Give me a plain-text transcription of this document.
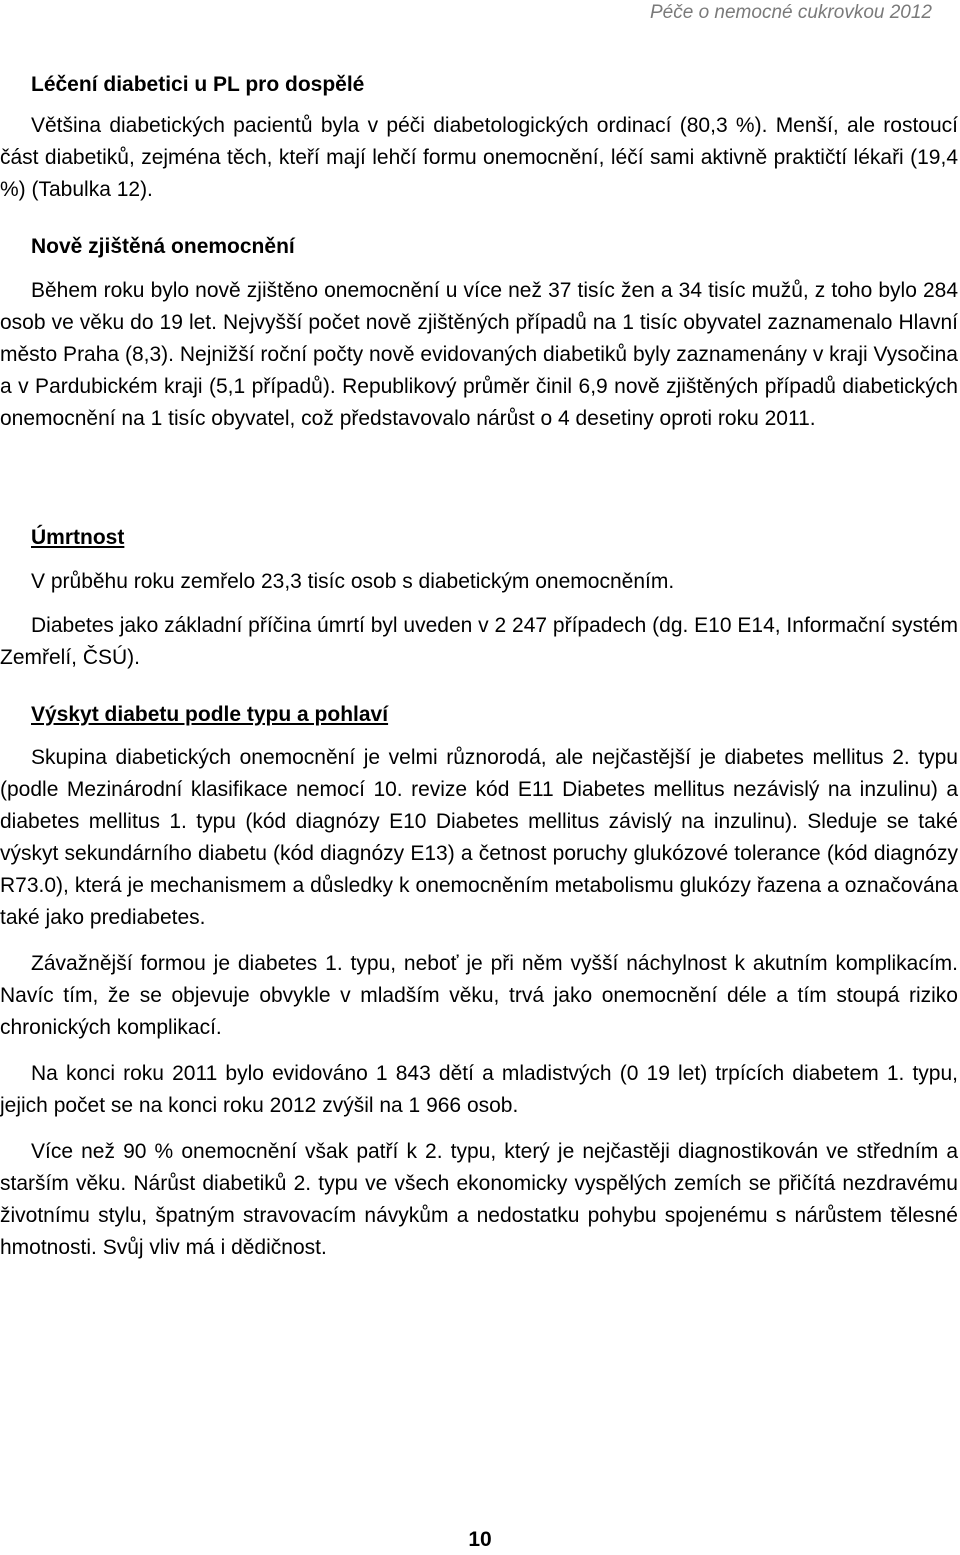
Péče o nemocné cukrovkou 2012
Léčení diabetici u PL pro dospělé

Většina diabetických pacientů byla v péči diabetologických ordinací (80,3 %). Menší, ale rostoucí část diabetiků, zejména těch, kteří mají lehčí formu onemocnění, léčí sami aktivně praktičtí lékaři (19,4 %) (Tabulka 12).

Nově zjištěná onemocnění

Během roku bylo nově zjištěno onemocnění u více než 37 tisíc žen a 34 tisíc mužů, z toho bylo 284 osob ve věku do 19 let. Nejvyšší počet nově zjištěných případů na 1 tisíc obyvatel zaznamenalo Hlavní město Praha (8,3). Nejnižší roční počty nově evidovaných diabetiků byly zaznamenány v kraji Vysočina a v Pardubickém kraji (5,1 případů). Republikový průměr činil 6,9 nově zjištěných případů diabetických onemocnění na 1 tisíc obyvatel, což představovalo nárůst o 4 desetiny oproti roku 2011.

Úmrtnost

V průběhu roku zemřelo 23,3 tisíc osob s diabetickým onemocněním.

Diabetes jako základní příčina úmrtí byl uveden v 2 247 případech (dg. E10 E14, Informační systém Zemřelí, ČSÚ).

Výskyt diabetu podle typu a pohlaví

Skupina diabetických onemocnění je velmi různorodá, ale nejčastější je diabetes mellitus 2. typu (podle Mezinárodní klasifikace nemocí 10. revize kód E11 Diabetes mellitus nezávislý na inzulinu) a diabetes mellitus 1. typu (kód diagnózy E10 Diabetes mellitus závislý na inzulinu). Sleduje se také výskyt sekundárního diabetu (kód diagnózy E13) a četnost poruchy glukózové tolerance (kód diagnózy R73.0), která je mechanismem a důsledky k onemocněním metabolismu glukózy řazena a označována také jako prediabetes.

Závažnější formou je diabetes 1. typu, neboť je při něm vyšší náchylnost k akutním komplikacím. Navíc tím, že se objevuje obvykle v mladším věku, trvá jako onemocnění déle a tím stoupá riziko chronických komplikací.

Na konci roku 2011 bylo evidováno 1 843 dětí a mladistvých (0 19 let) trpících diabetem 1. typu, jejich počet se na konci roku 2012 zvýšil na 1 966 osob.

Více než 90 % onemocnění však patří k 2. typu, který je nejčastěji diagnostikován ve středním a starším věku. Nárůst diabetiků 2. typu ve všech ekonomicky vyspělých zemích se přičítá nezdravému životnímu stylu, špatným stravovacím návykům a nedostatku pohybu spojenému s nárůstem tělesné hmotnosti. Svůj vliv má i dědičnost.

10
